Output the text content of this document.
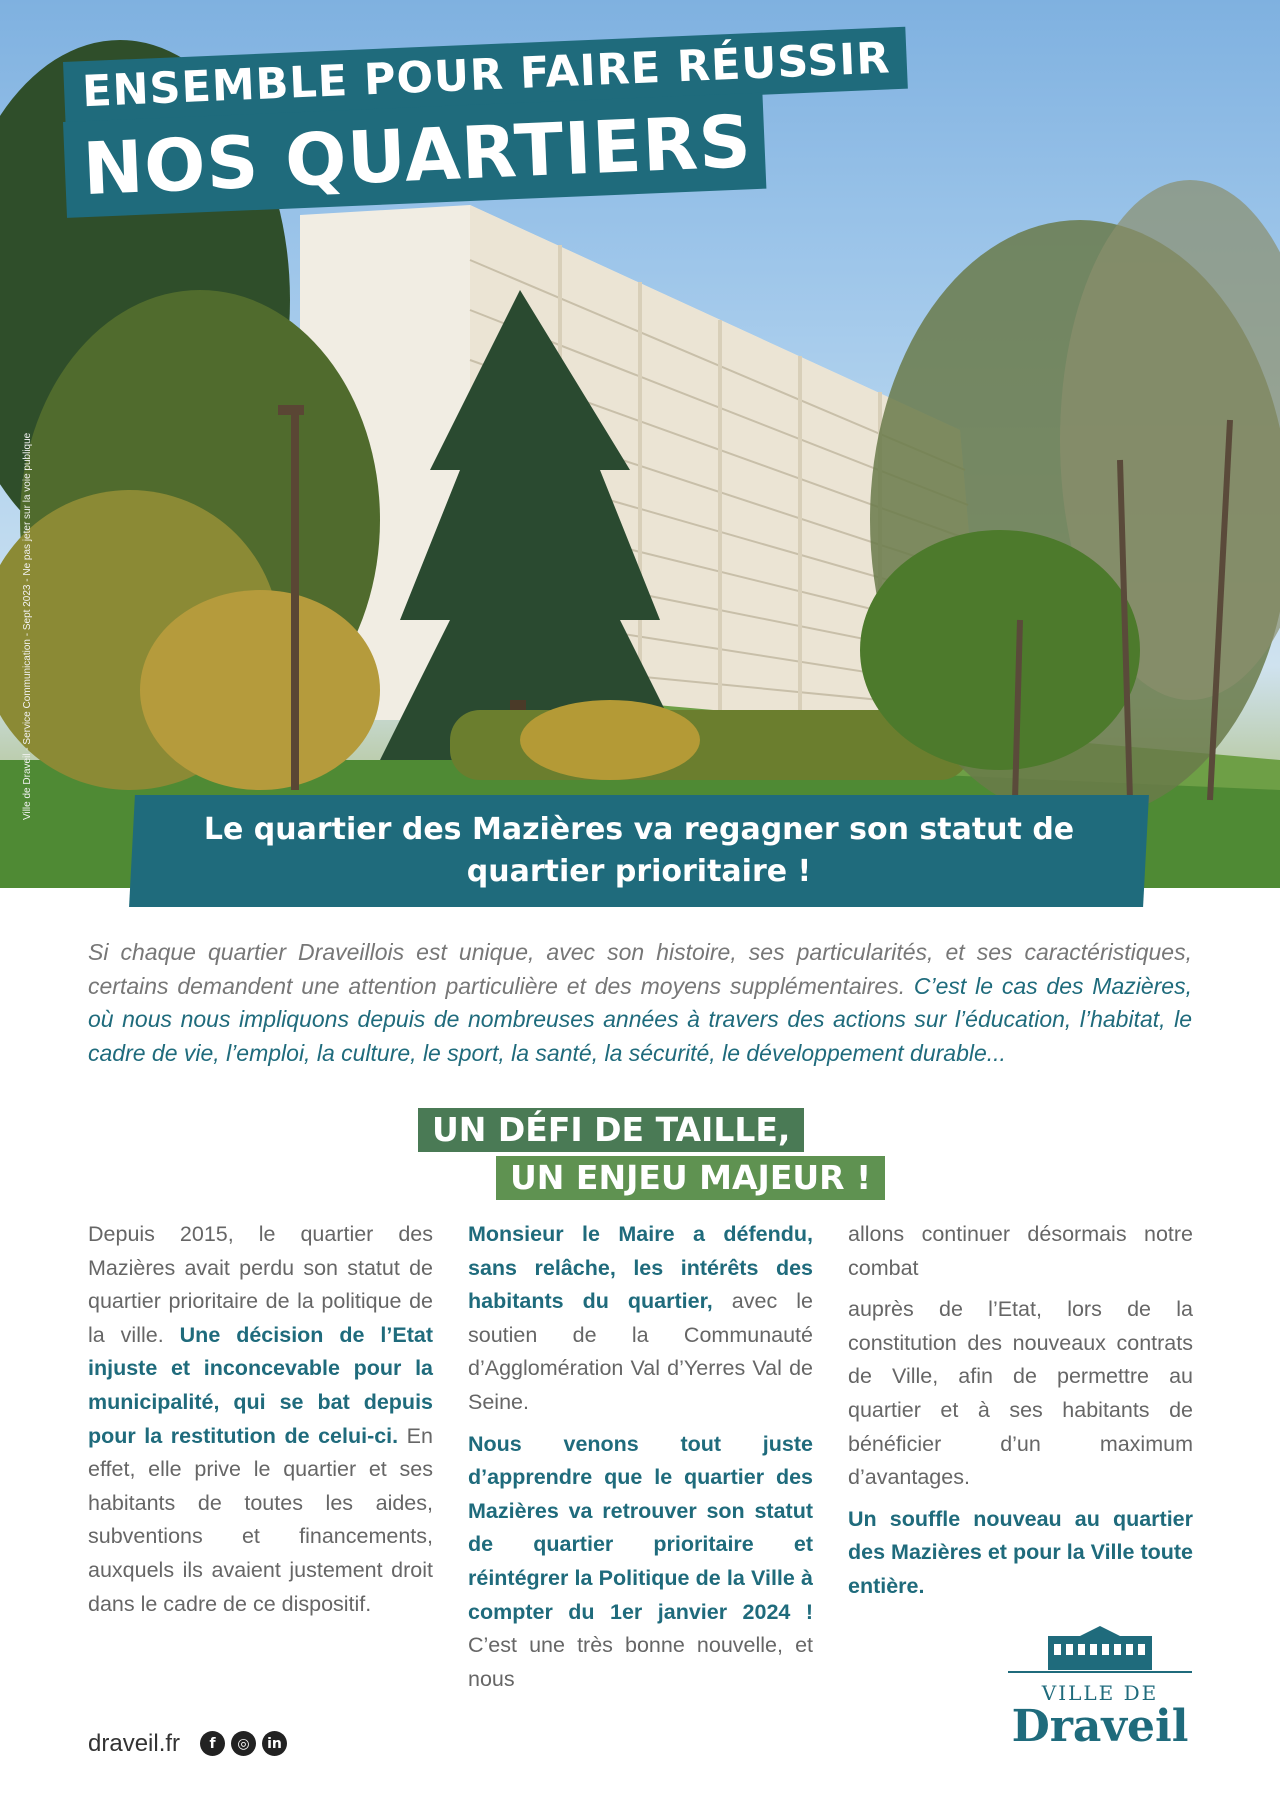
ENSEMBLE POUR FAIRE RÉUSSIR
NOS QUARTIERS
Ville de Draveil - Service Communication - Sept 2023 - Ne pas jeter sur la voie publique
Le quartier des Mazières va regagner son statut de quartier prioritaire !
Si chaque quartier Draveillois est unique, avec son histoire, ses particularités, et ses caractéristiques, certains demandent une attention particulière et des moyens supplémentaires. C’est le cas des Mazières, où nous nous impliquons depuis de nombreuses années à travers des actions sur l’éducation, l’habitat, le cadre de vie, l’emploi, la culture, le sport, la santé, la sécurité, le développement durable...
UN DÉFI DE TAILLE,
UN ENJEU MAJEUR !

Depuis 2015, le quartier des Mazières avait perdu son statut de quartier prioritaire de la politique de la ville. Une décision de l’Etat injuste et inconcevable pour la municipalité, qui se bat depuis pour la restitution de celui-ci. En effet, elle prive le quartier et ses habitants de toutes les aides, subventions et financements, auxquels ils avaient justement droit dans le cadre de ce dispositif.

Monsieur le Maire a défendu, sans relâche, les intérêts des habitants du quartier, avec le soutien de la Communauté d’Agglomération Val d’Yerres Val de Seine.

Nous venons tout juste d’apprendre que le quartier des Mazières va retrouver son statut de quartier prioritaire et réintégrer la Politique de la Ville à compter du 1er janvier 2024 ! C’est une très bonne nouvelle, et nous

allons continuer désormais notre combat

auprès de l’Etat, lors de la constitution des nouveaux contrats de Ville, afin de permettre au quartier et à ses habitants de bénéficier d’un maximum d’avantages.

Un souffle nouveau au quartier des Mazières et pour la Ville toute entière.

draveil.fr	f	◎	in
VILLE DE
Draveil
